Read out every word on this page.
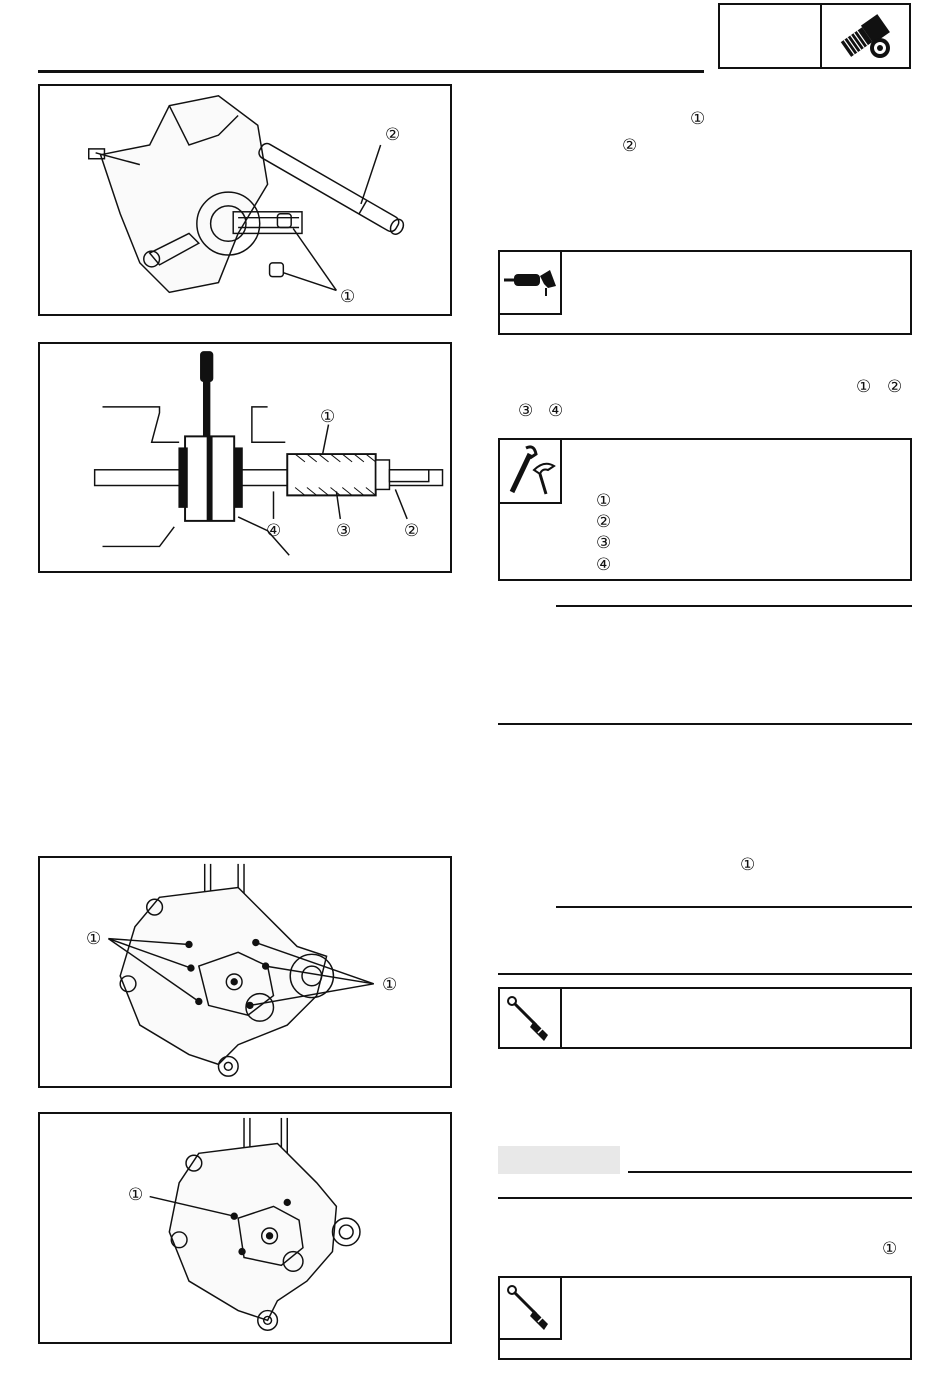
②
①
①
②
③
④
①
①
①
①
②
① ②
③ ④
①
②
③
④
①
①
